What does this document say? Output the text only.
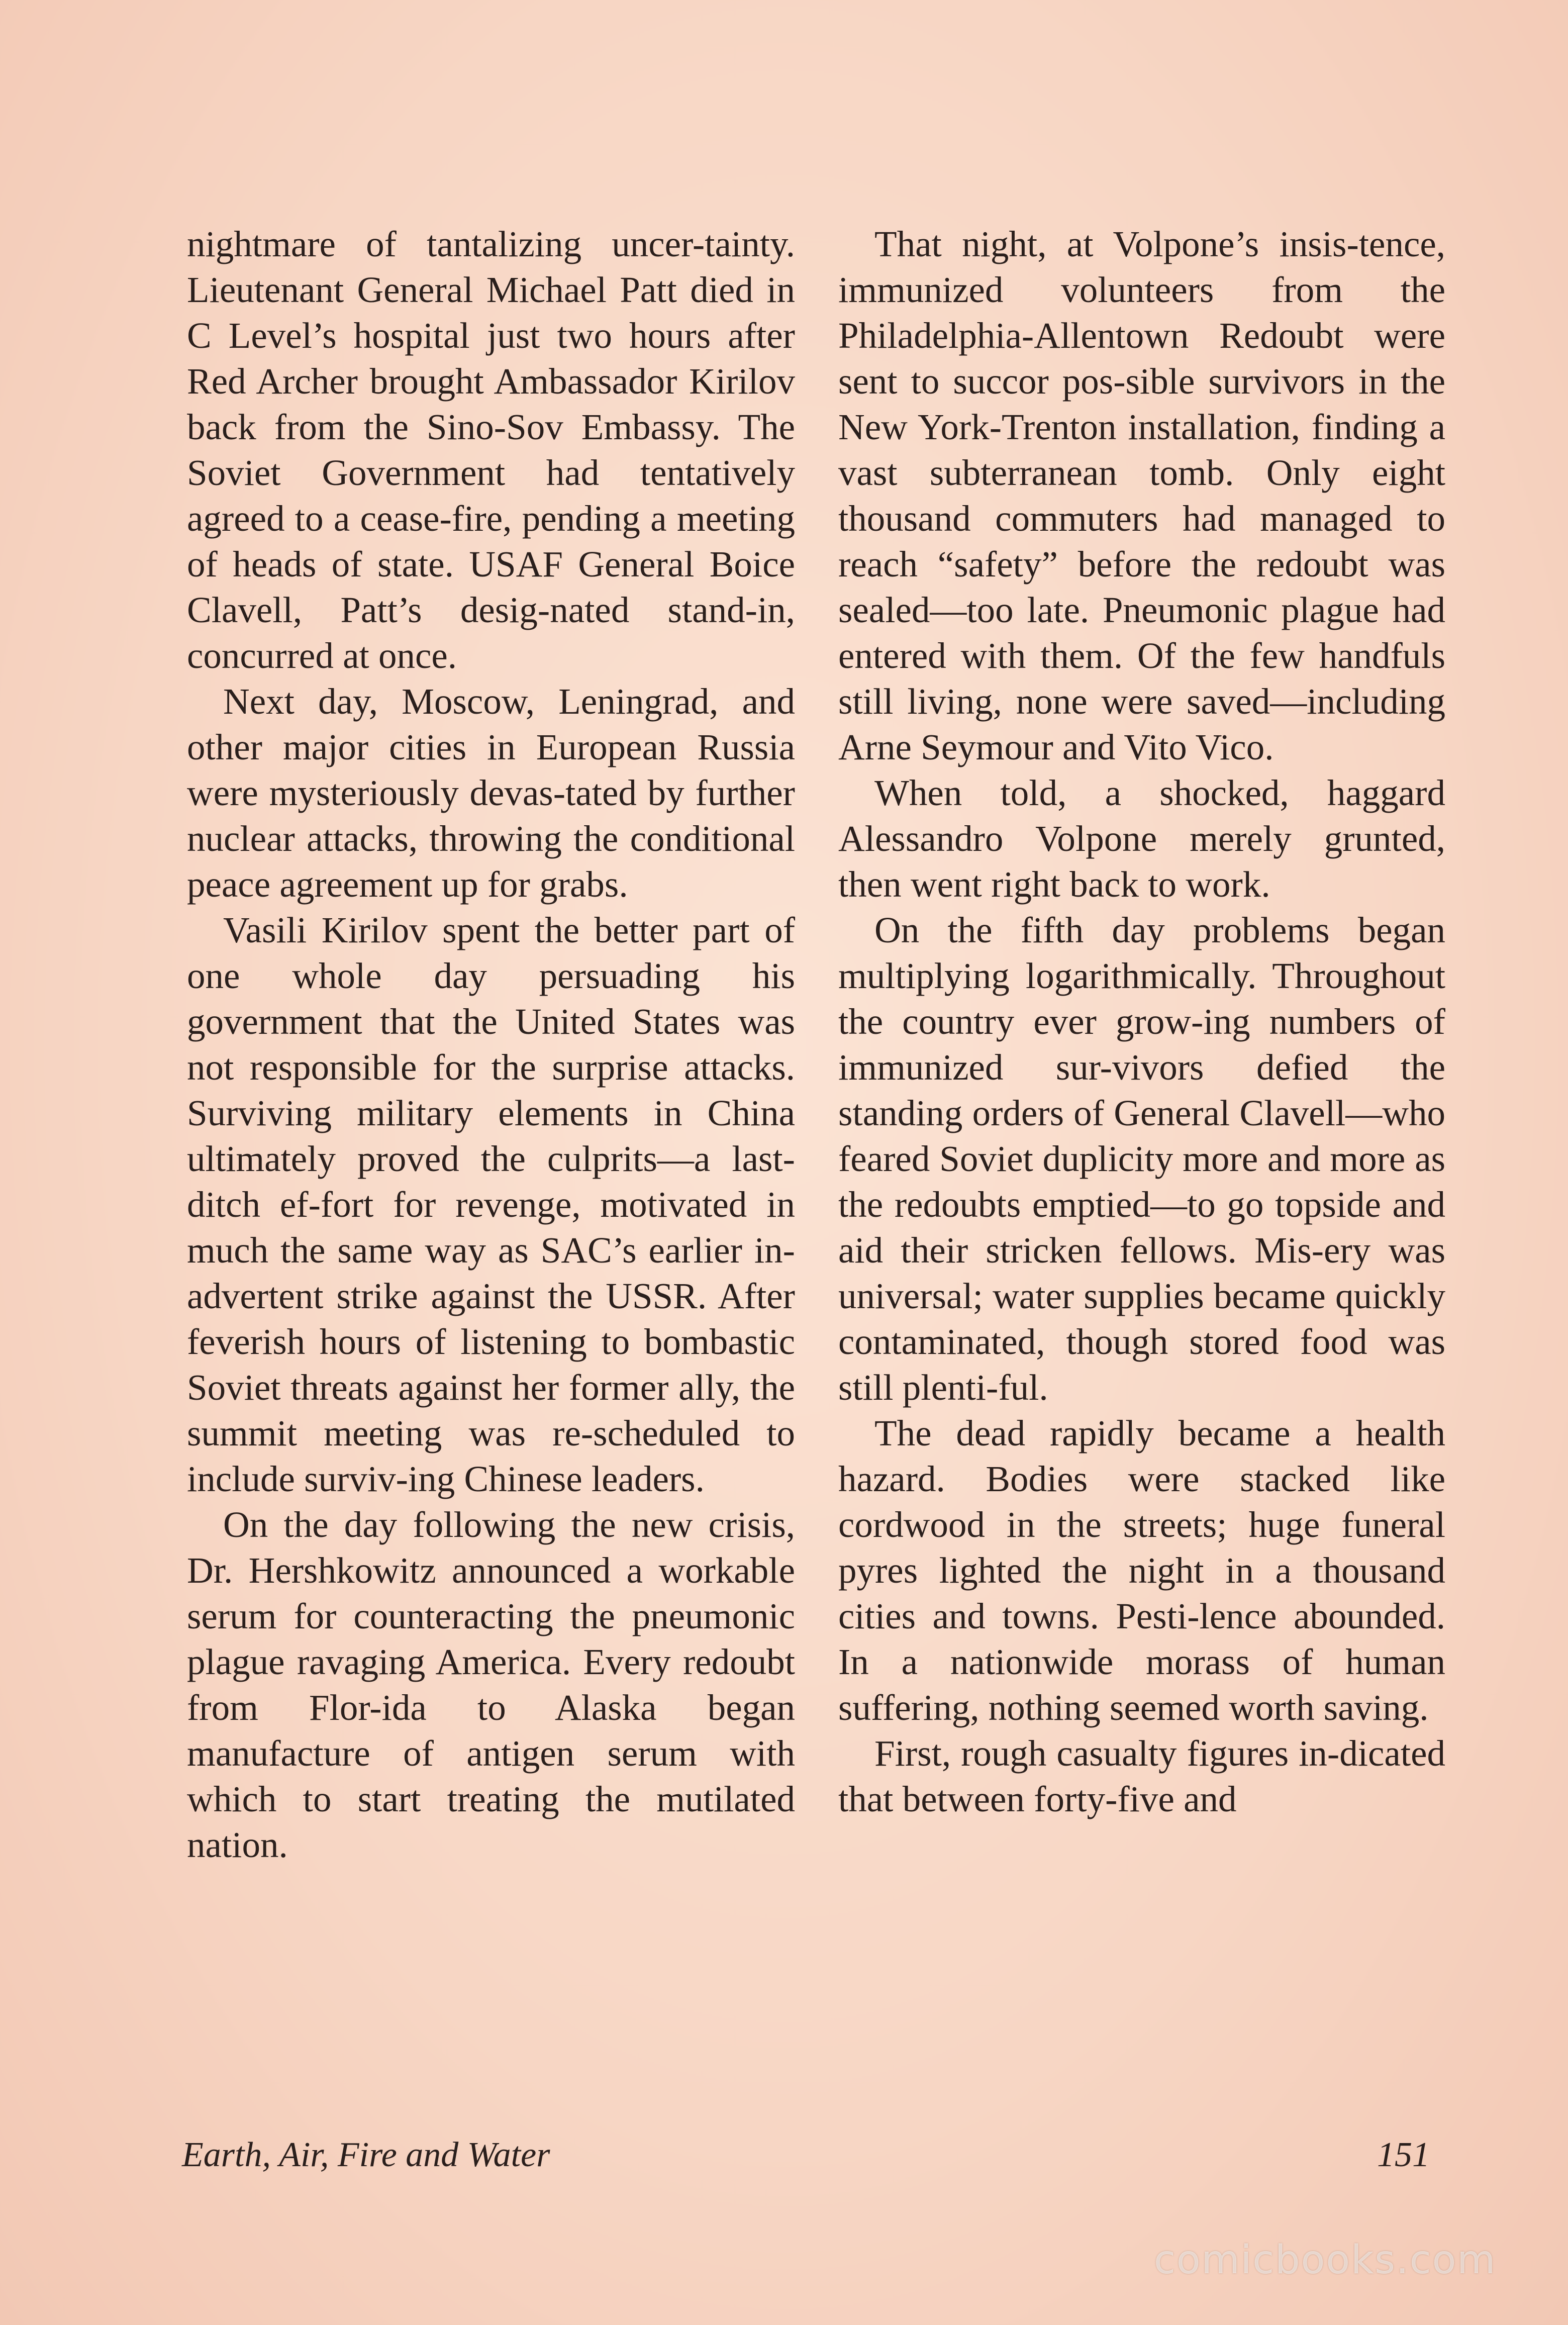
nightmare of tantalizing uncer-tainty. Lieutenant General Michael Patt died in C Level’s hospital just two hours after Red Archer brought Ambassador Kirilov back from the Sino-Sov Embassy. The Soviet Government had tentatively agreed to a cease-fire, pending a meeting of heads of state. USAF General Boice Clavell, Patt’s desig-nated stand-in, concurred at once.

Next day, Moscow, Leningrad, and other major cities in European Russia were mysteriously devas-tated by further nuclear attacks, throwing the conditional peace agreement up for grabs.

Vasili Kirilov spent the better part of one whole day persuading his government that the United States was not responsible for the surprise attacks. Surviving military elements in China ultimately proved the culprits—a last-ditch ef-fort for revenge, motivated in much the same way as SAC’s earlier in-advertent strike against the USSR. After feverish hours of listening to bombastic Soviet threats against her former ally, the summit meeting was re-scheduled to include surviv-ing Chinese leaders.

On the day following the new crisis, Dr. Hershkowitz announced a workable serum for counteracting the pneumonic plague ravaging America. Every redoubt from Flor-ida to Alaska began manufacture of antigen serum with which to start treating the mutilated nation.

That night, at Volpone’s insis-tence, immunized volunteers from the Philadelphia-Allentown Redoubt were sent to succor pos-sible survivors in the New York-Trenton installation, finding a vast subterranean tomb. Only eight thousand commuters had managed to reach “safety” before the redoubt was sealed—too late. Pneumonic plague had entered with them. Of the few handfuls still living, none were saved—including Arne Seymour and Vito Vico.

When told, a shocked, haggard Alessandro Volpone merely grunted, then went right back to work.

On the fifth day problems began multiplying logarithmically. Throughout the country ever grow-ing numbers of immunized sur-vivors defied the standing orders of General Clavell—who feared Soviet duplicity more and more as the redoubts emptied—to go topside and aid their stricken fellows. Mis-ery was universal; water supplies became quickly contaminated, though stored food was still plenti-ful.

The dead rapidly became a health hazard. Bodies were stacked like cordwood in the streets; huge funeral pyres lighted the night in a thousand cities and towns. Pesti-lence abounded. In a nationwide morass of human suffering, nothing seemed worth saving.

First, rough casualty figures in-dicated that between forty-five and

Earth, Air, Fire and Water	151
comicbooks.com
